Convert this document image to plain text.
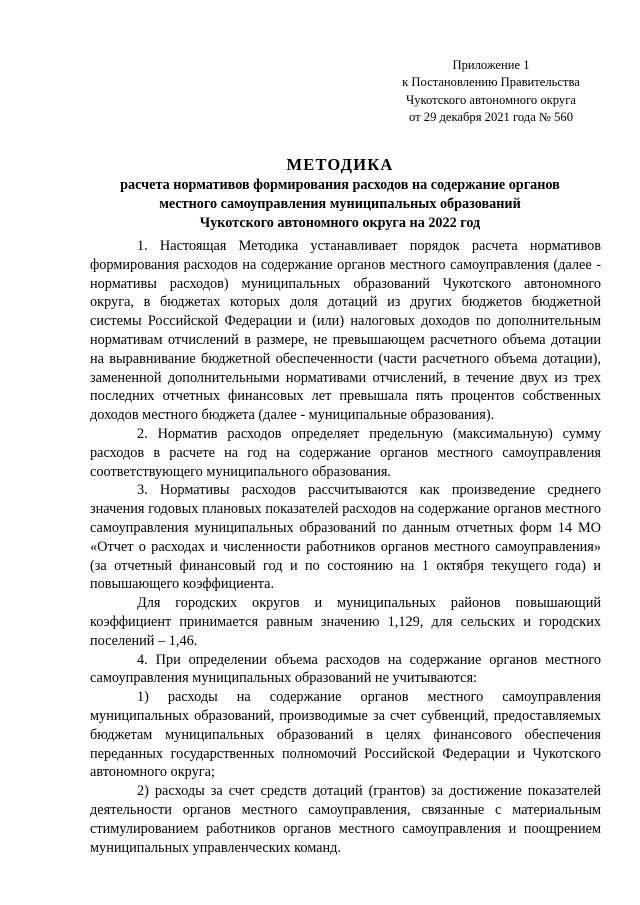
Приложение 1
к Постановлению Правительства
Чукотского автономного округа
от 29 декабря 2021 года № 560
МЕТОДИКА
расчета нормативов формирования расходов на содержание органов
местного самоуправления муниципальных образований
Чукотского автономного округа на 2022 год

1. Настоящая Методика устанавливает порядок расчета нормативов формирования расходов на содержание органов местного самоуправления (далее - нормативы расходов) муниципальных образований Чукотского автономного округа, в бюджетах которых доля дотаций из других бюджетов бюджетной системы Российской Федерации и (или) налоговых доходов по дополнительным нормативам отчислений в размере, не превышающем расчетного объема дотации на выравнивание бюджетной обеспеченности (части расчетного объема дотации), замененной дополнительными нормативами отчислений, в течение двух из трех последних отчетных финансовых лет превышала пять процентов собственных доходов местного бюджета (далее - муниципальные образования).

2. Норматив расходов определяет предельную (максимальную) сумму расходов в расчете на год на содержание органов местного самоуправления соответствующего муниципального образования.

3. Нормативы расходов рассчитываются как произведение среднего значения годовых плановых показателей расходов на содержание органов местного самоуправления муниципальных образований по данным отчетных форм 14 МО «Отчет о расходах и численности работников органов местного самоуправления» (за отчетный финансовый год и по состоянию на 1 октября текущего года) и повышающего коэффициента.

Для городских округов и муниципальных районов повышающий коэффициент принимается равным значению 1,129, для сельских и городских поселений – 1,46.

4. При определении объема расходов на содержание органов местного самоуправления муниципальных образований не учитываются:

1) расходы на содержание органов местного самоуправления муниципальных образований, производимые за счет субвенций, предоставляемых бюджетам муниципальных образований в целях финансового обеспечения переданных государственных полномочий Российской Федерации и Чукотского автономного округа;

2) расходы за счет средств дотаций (грантов) за достижение показателей деятельности органов местного самоуправления, связанные с материальным стимулированием работников органов местного самоуправления и поощрением муниципальных управленческих команд.
